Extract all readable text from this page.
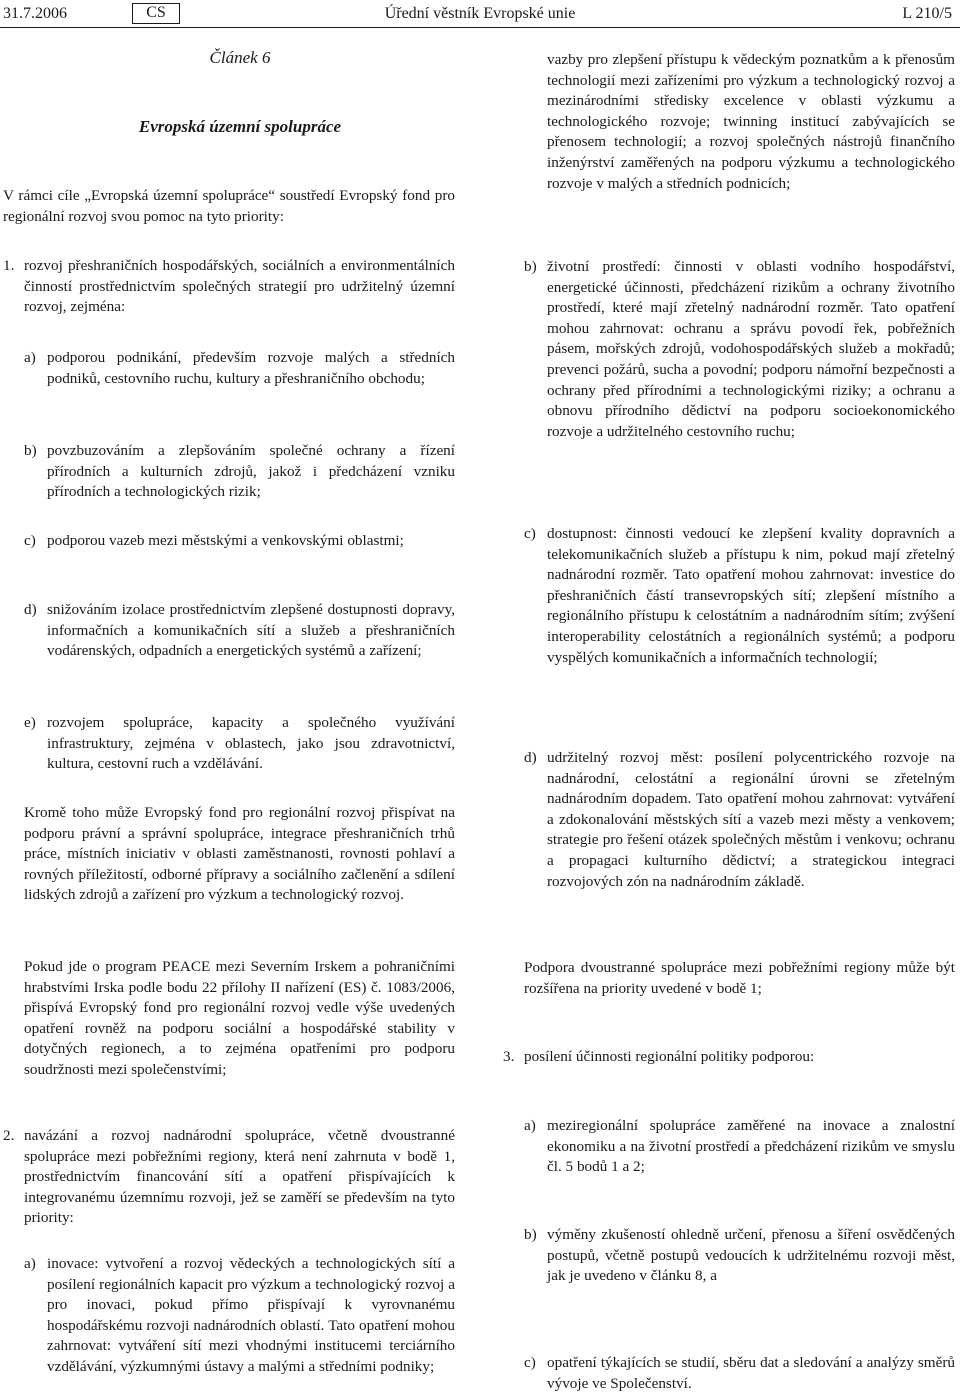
31.7.2006	CS	Úřední věstník Evropské unie	L 210/5
Článek 6
Evropská územní spolupráce
V rámci cíle „Evropská územní spolupráce“ soustředí Evropský fond pro regionální rozvoj svou pomoc na tyto priority:
1. rozvoj přeshraničních hospodářských, sociálních a environmentálních činností prostřednictvím společných strategií pro udržitelný územní rozvoj, zejména:
a) podporou podnikání, především rozvoje malých a středních podniků, cestovního ruchu, kultury a přeshraničního obchodu;
b) povzbuzováním a zlepšováním společné ochrany a řízení přírodních a kulturních zdrojů, jakož i předcházení vzniku přírodních a technologických rizik;
c) podporou vazeb mezi městskými a venkovskými oblastmi;
d) snižováním izolace prostřednictvím zlepšené dostupnosti dopravy, informačních a komunikačních sítí a služeb a přeshraničních vodárenských, odpadních a energetických systémů a zařízení;
e) rozvojem spolupráce, kapacity a společného využívání infrastruktury, zejména v oblastech, jako jsou zdravotnictví, kultura, cestovní ruch a vzdělávání.
Kromě toho může Evropský fond pro regionální rozvoj přispívat na podporu právní a správní spolupráce, integrace přeshraničních trhů práce, místních iniciativ v oblasti zaměstnanosti, rovnosti pohlaví a rovných příležitostí, odborné přípravy a sociálního začlenění a sdílení lidských zdrojů a zařízení pro výzkum a technologický rozvoj.
Pokud jde o program PEACE mezi Severním Irskem a pohraničními hrabstvími Irska podle bodu 22 přílohy II nařízení (ES) č. 1083/2006, přispívá Evropský fond pro regionální rozvoj vedle výše uvedených opatření rovněž na podporu sociální a hospodářské stability v dotyčných regionech, a to zejména opatřeními pro podporu soudržnosti mezi společenstvími;
2. navázání a rozvoj nadnárodní spolupráce, včetně dvoustranné spolupráce mezi pobřežními regiony, která není zahrnuta v bodě 1, prostřednictvím financování sítí a opatření přispívajících k integrovanému územnímu rozvoji, jež se zaměří se především na tyto priority:
a) inovace: vytvoření a rozvoj vědeckých a technologických sítí a posílení regionálních kapacit pro výzkum a technologický rozvoj a pro inovaci, pokud přímo přispívají k vyrovnanému hospodářskému rozvoji nadnárodních oblastí. Tato opatření mohou zahrnovat: vytváření sítí mezi vhodnými institucemi terciárního vzdělávání, výzkumnými ústavy a malými a středními podniky;
vazby pro zlepšení přístupu k vědeckým poznatkům a k přenosům technologií mezi zařízeními pro výzkum a technologický rozvoj a mezinárodními středisky excelence v oblasti výzkumu a technologického rozvoje; twinning institucí zabývajících se přenosem technologií; a rozvoj společných nástrojů finančního inženýrství zaměřených na podporu výzkumu a technologického rozvoje v malých a středních podnicích;
b) životní prostředí: činnosti v oblasti vodního hospodářství, energetické účinnosti, předcházení rizikům a ochrany životního prostředí, které mají zřetelný nadnárodní rozměr. Tato opatření mohou zahrnovat: ochranu a správu povodí řek, pobřežních pásem, mořských zdrojů, vodohospodářských služeb a mokřadů; prevenci požárů, sucha a povodní; podporu námořní bezpečnosti a ochrany před přírodními a technologickými riziky; a ochranu a obnovu přírodního dědictví na podporu socioekonomického rozvoje a udržitelného cestovního ruchu;
c) dostupnost: činnosti vedoucí ke zlepšení kvality dopravních a telekomunikačních služeb a přístupu k nim, pokud mají zřetelný nadnárodní rozměr. Tato opatření mohou zahrnovat: investice do přeshraničních částí transevropských sítí; zlepšení místního a regionálního přístupu k celostátním a nadnárodním sítím; zvýšení interoperability celostátních a regionálních systémů; a podporu vyspělých komunikačních a informačních technologií;
d) udržitelný rozvoj měst: posílení polycentrického rozvoje na nadnárodní, celostátní a regionální úrovni se zřetelným nadnárodním dopadem. Tato opatření mohou zahrnovat: vytváření a zdokonalování městských sítí a vazeb mezi městy a venkovem; strategie pro řešení otázek společných městům i venkovu; ochranu a propagaci kulturního dědictví; a strategickou integraci rozvojových zón na nadnárodním základě.
Podpora dvoustranné spolupráce mezi pobřežními regiony může být rozšířena na priority uvedené v bodě 1;
3. posílení účinnosti regionální politiky podporou:
a) meziregionální spolupráce zaměřené na inovace a znalostní ekonomiku a na životní prostředí a předcházení rizikům ve smyslu čl. 5 bodů 1 a 2;
b) výměny zkušeností ohledně určení, přenosu a šíření osvědčených postupů, včetně postupů vedoucích k udržitelnému rozvoji měst, jak je uvedeno v článku 8, a
c) opatření týkajících se studií, sběru dat a sledování a analýzy směrů vývoje ve Společenství.
